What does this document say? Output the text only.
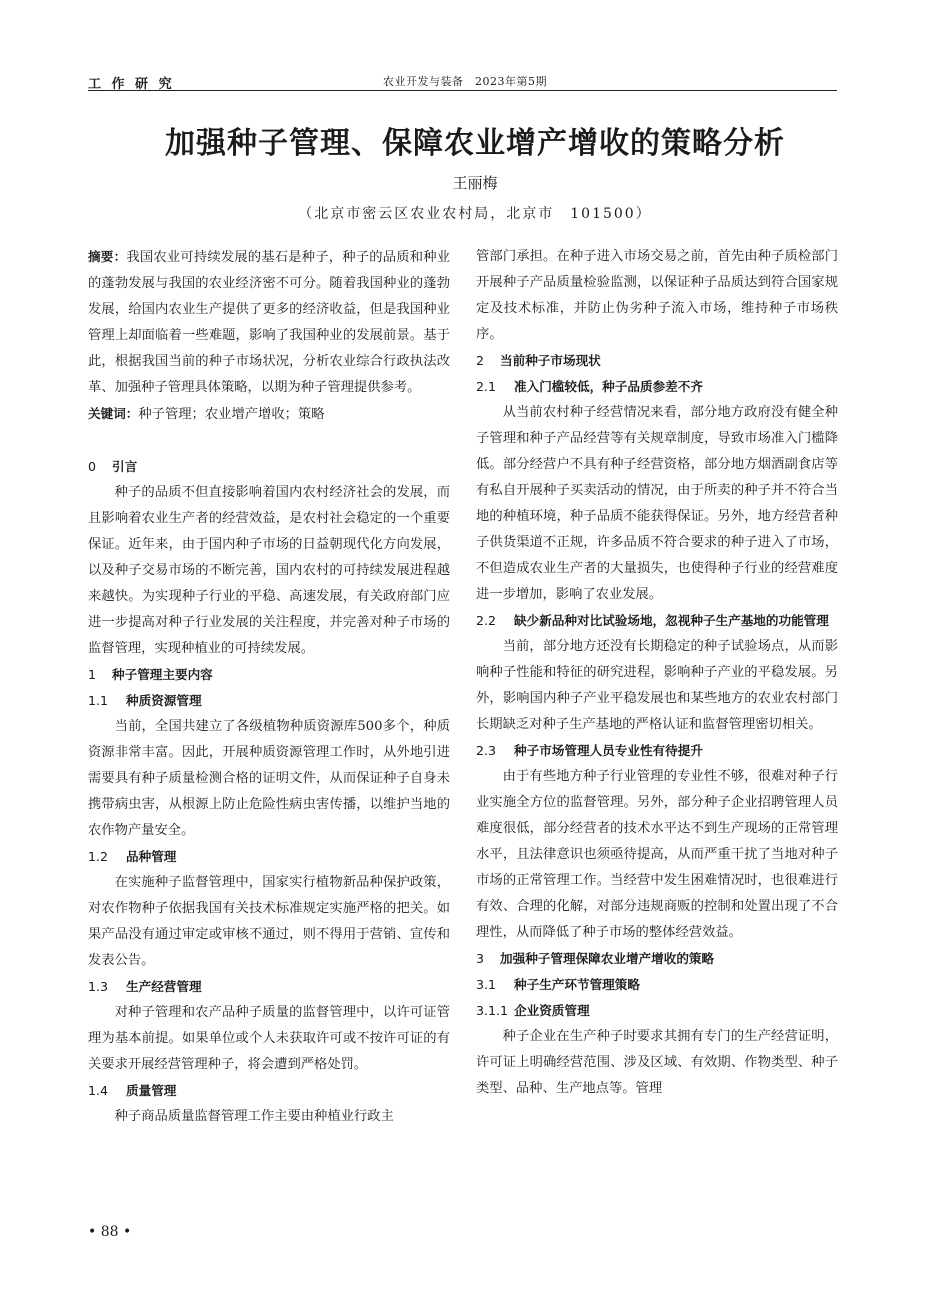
工 作 研 究	农业开发与装备　2023年第5期
加强种子管理、保障农业增产增收的策略分析
王丽梅
（北京市密云区农业农村局，北京市　101500）

摘要：我国农业可持续发展的基石是种子，种子的品质和种业的蓬勃发展与我国的农业经济密不可分。随着我国种业的蓬勃发展，给国内农业生产提供了更多的经济收益，但是我国种业管理上却面临着一些难题，影响了我国种业的发展前景。基于此，根据我国当前的种子市场状况，分析农业综合行政执法改革、加强种子管理具体策略，以期为种子管理提供参考。

关键词：种子管理；农业增产增收；策略

0 引言

种子的品质不但直接影响着国内农村经济社会的发展，而且影响着农业生产者的经营效益，是农村社会稳定的一个重要保证。近年来，由于国内种子市场的日益朝现代化方向发展，以及种子交易市场的不断完善，国内农村的可持续发展进程越来越快。为实现种子行业的平稳、高速发展，有关政府部门应进一步提高对种子行业发展的关注程度，并完善对种子市场的监督管理，实现种植业的可持续发展。

1 种子管理主要内容
1.1 种质资源管理

当前，全国共建立了各级植物种质资源库500多个，种质资源非常丰富。因此，开展种质资源管理工作时，从外地引进需要具有种子质量检测合格的证明文件，从而保证种子自身未携带病虫害，从根源上防止危险性病虫害传播，以维护当地的农作物产量安全。

1.2 品种管理

在实施种子监督管理中，国家实行植物新品种保护政策，对农作物种子依据我国有关技术标准规定实施严格的把关。如果产品没有通过审定或审核不通过，则不得用于营销、宣传和发表公告。

1.3 生产经营管理

对种子管理和农产品种子质量的监督管理中，以许可证管理为基本前提。如果单位或个人未获取许可或不按许可证的有关要求开展经营管理种子，将会遭到严格处罚。

1.4 质量管理

种子商品质量监督管理工作主要由种植业行政主

管部门承担。在种子进入市场交易之前，首先由种子质检部门开展种子产品质量检验监测，以保证种子品质达到符合国家规定及技术标准，并防止伪劣种子流入市场，维持种子市场秩序。

2 当前种子市场现状
2.1 准入门槛较低，种子品质参差不齐

从当前农村种子经营情况来看，部分地方政府没有健全种子管理和种子产品经营等有关规章制度，导致市场准入门槛降低。部分经营户不具有种子经营资格，部分地方烟酒副食店等有私自开展种子买卖活动的情况，由于所卖的种子并不符合当地的种植环境，种子品质不能获得保证。另外，地方经营者种子供货渠道不正规，许多品质不符合要求的种子进入了市场，不但造成农业生产者的大量损失，也使得种子行业的经营难度进一步增加，影响了农业发展。

2.2 缺少新品种对比试验场地，忽视种子生产基地的功能管理

当前，部分地方还没有长期稳定的种子试验场点，从而影响种子性能和特征的研究进程，影响种子产业的平稳发展。另外，影响国内种子产业平稳发展也和某些地方的农业农村部门长期缺乏对种子生产基地的严格认证和监督管理密切相关。

2.3 种子市场管理人员专业性有待提升

由于有些地方种子行业管理的专业性不够，很难对种子行业实施全方位的监督管理。另外，部分种子企业招聘管理人员难度很低，部分经营者的技术水平达不到生产现场的正常管理水平，且法律意识也须亟待提高，从而严重干扰了当地对种子市场的正常管理工作。当经营中发生困难情况时，也很难进行有效、合理的化解，对部分违规商贩的控制和处置出现了不合理性，从而降低了种子市场的整体经营效益。

3 加强种子管理保障农业增产增收的策略
3.1 种子生产环节管理策略
3.1.1 企业资质管理

种子企业在生产种子时要求其拥有专门的生产经营证明，许可证上明确经营范围、涉及区域、有效期、作物类型、种子类型、品种、生产地点等。管理

• 88 •
